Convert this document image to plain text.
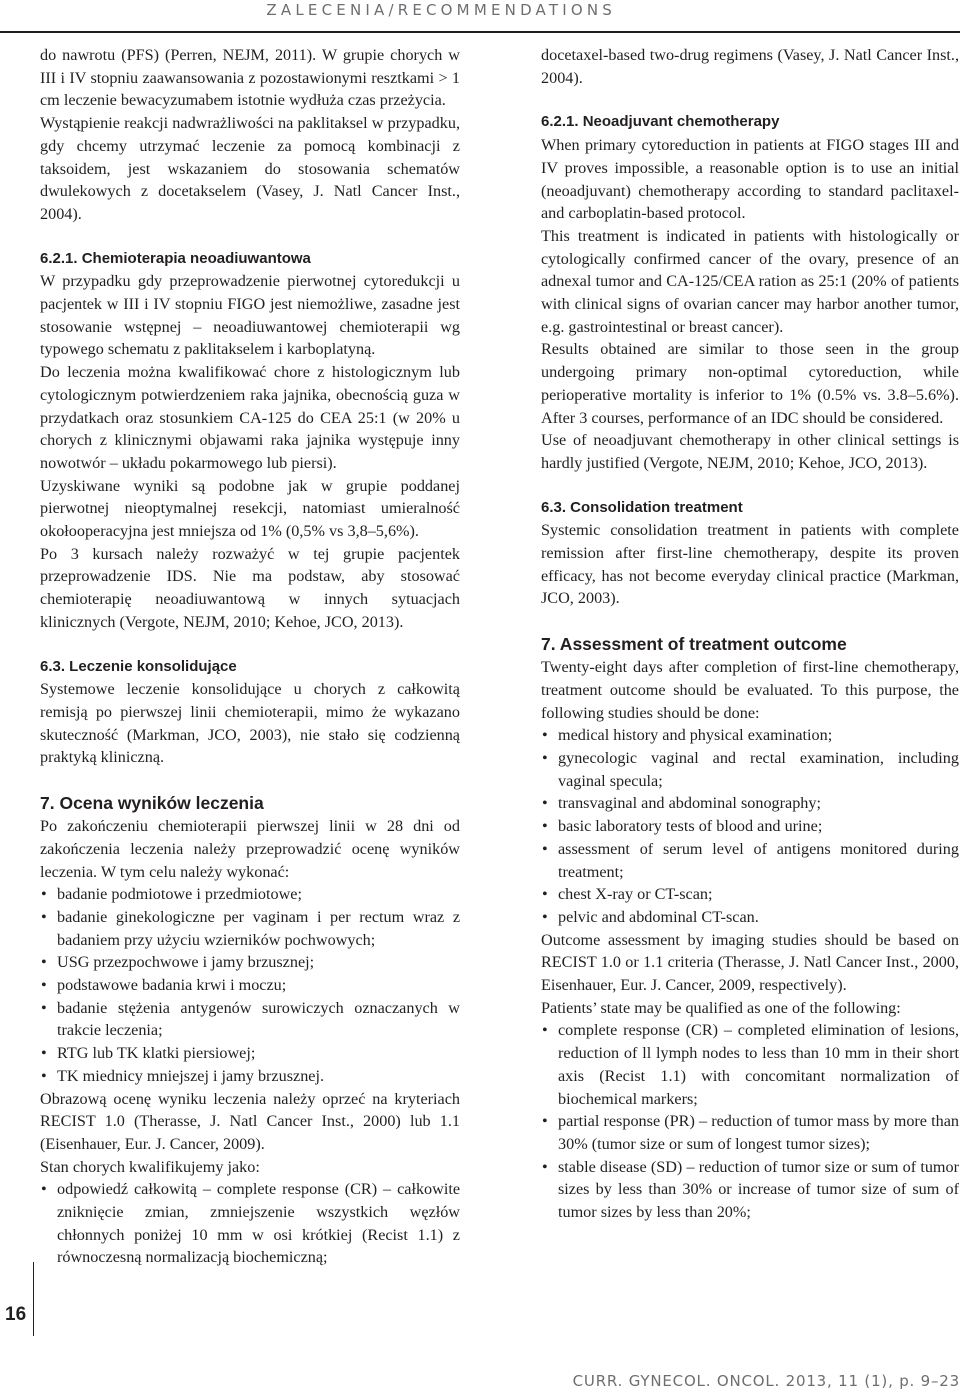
ZALECENIA/RECOMMENDATIONS

do nawrotu (PFS) (Perren, NEJM, 2011). W grupie chorych w III i IV stopniu zaawansowania z pozostawionymi resztkami > 1 cm leczenie bewacyzumabem istotnie wydłuża czas przeżycia.

Wystąpienie reakcji nadwrażliwości na paklitaksel w przypadku, gdy chcemy utrzymać leczenie za pomocą kombinacji z taksoidem, jest wskazaniem do stosowania schematów dwulekowych z docetakselem (Vasey, J. Natl Cancer Inst., 2004).

6.2.1. Chemioterapia neoadiuwantowa

W przypadku gdy przeprowadzenie pierwotnej cytoredukcji u pacjentek w III i IV stopniu FIGO jest niemożliwe, zasadne jest stosowanie wstępnej – neoadiuwantowej chemioterapii wg typowego schematu z paklitakselem i karboplatyną.

Do leczenia można kwalifikować chore z histologicznym lub cytologicznym potwierdzeniem raka jajnika, obecnością guza w przydatkach oraz stosunkiem CA-125 do CEA 25:1 (w 20% u chorych z klinicznymi objawami raka jajnika występuje inny nowotwór – układu pokarmowego lub piersi).

Uzyskiwane wyniki są podobne jak w grupie poddanej pierwotnej nieoptymalnej resekcji, natomiast umieralność okołooperacyjna jest mniejsza od 1% (0,5% vs 3,8–5,6%).

Po 3 kursach należy rozważyć w tej grupie pacjentek przeprowadzenie IDS. Nie ma podstaw, aby stosować chemioterapię neoadiuwantową w innych sytuacjach klinicznych (Vergote, NEJM, 2010; Kehoe, JCO, 2013).

6.3. Leczenie konsolidujące

Systemowe leczenie konsolidujące u chorych z całkowitą remisją po pierwszej linii chemioterapii, mimo że wykazano skuteczność (Markman, JCO, 2003), nie stało się codzienną praktyką kliniczną.

7. Ocena wyników leczenia

Po zakończeniu chemioterapii pierwszej linii w 28 dni od zakończenia leczenia należy przeprowadzić ocenę wyników leczenia. W tym celu należy wykonać:

• badanie podmiotowe i przedmiotowe;
• badanie ginekologiczne per vaginam i per rectum wraz z badaniem przy użyciu wzierników pochwowych;
• USG przezpochwowe i jamy brzusznej;
• podstawowe badania krwi i moczu;
• badanie stężenia antygenów surowiczych oznaczanych w trakcie leczenia;
• RTG lub TK klatki piersiowej;
• TK miednicy mniejszej i jamy brzusznej.

Obrazową ocenę wyniku leczenia należy oprzeć na kryteriach RECIST 1.0 (Therasse, J. Natl Cancer Inst., 2000) lub 1.1 (Eisenhauer, Eur. J. Cancer, 2009).

Stan chorych kwalifikujemy jako:

• odpowiedź całkowitą – complete response (CR) – całkowite zniknięcie zmian, zmniejszenie wszystkich węzłów chłonnych poniżej 10 mm w osi krótkiej (Recist 1.1) z równoczesną normalizacją biochemiczną;

docetaxel-based two-drug regimens (Vasey, J. Natl Cancer Inst., 2004).

6.2.1. Neoadjuvant chemotherapy

When primary cytoreduction in patients at FIGO stages III and IV proves impossible, a reasonable option is to use an initial (neoadjuvant) chemotherapy according to standard paclitaxel- and carboplatin-based protocol.

This treatment is indicated in patients with histologically or cytologically confirmed cancer of the ovary, presence of an adnexal tumor and CA-125/CEA ration as 25:1 (20% of patients with clinical signs of ovarian cancer may harbor another tumor, e.g. gastrointestinal or breast cancer).

Results obtained are similar to those seen in the group undergoing primary non-optimal cytoreduction, while perioperative mortality is inferior to 1% (0.5% vs. 3.8–5.6%). After 3 courses, performance of an IDC should be considered.

Use of neoadjuvant chemotherapy in other clinical settings is hardly justified (Vergote, NEJM, 2010; Kehoe, JCO, 2013).

6.3. Consolidation treatment

Systemic consolidation treatment in patients with complete remission after first-line chemotherapy, despite its proven efficacy, has not become everyday clinical practice (Markman, JCO, 2003).

7. Assessment of treatment outcome

Twenty-eight days after completion of first-line chemotherapy, treatment outcome should be evaluated. To this purpose, the following studies should be done:

• medical history and physical examination;
• gynecologic vaginal and rectal examination, including vaginal specula;
• transvaginal and abdominal sonography;
• basic laboratory tests of blood and urine;
• assessment of serum level of antigens monitored during treatment;
• chest X-ray or CT-scan;
• pelvic and abdominal CT-scan.

Outcome assessment by imaging studies should be based on RECIST 1.0 or 1.1 criteria (Therasse, J. Natl Cancer Inst., 2000, Eisenhauer, Eur. J. Cancer, 2009, respectively).

Patients’ state may be qualified as one of the following:

• complete response (CR) – completed elimination of lesions, reduction of ll lymph nodes to less than 10 mm in their short axis (Recist 1.1) with concomitant normalization of biochemical markers;
• partial response (PR) – reduction of tumor mass by more than 30% (tumor size or sum of longest tumor sizes);
• stable disease (SD) – reduction of tumor size or sum of tumor sizes by less than 30% or increase of tumor size of sum of tumor sizes by less than 20%;
16
CURR. GYNECOL. ONCOL. 2013, 11 (1), p. 9–23
